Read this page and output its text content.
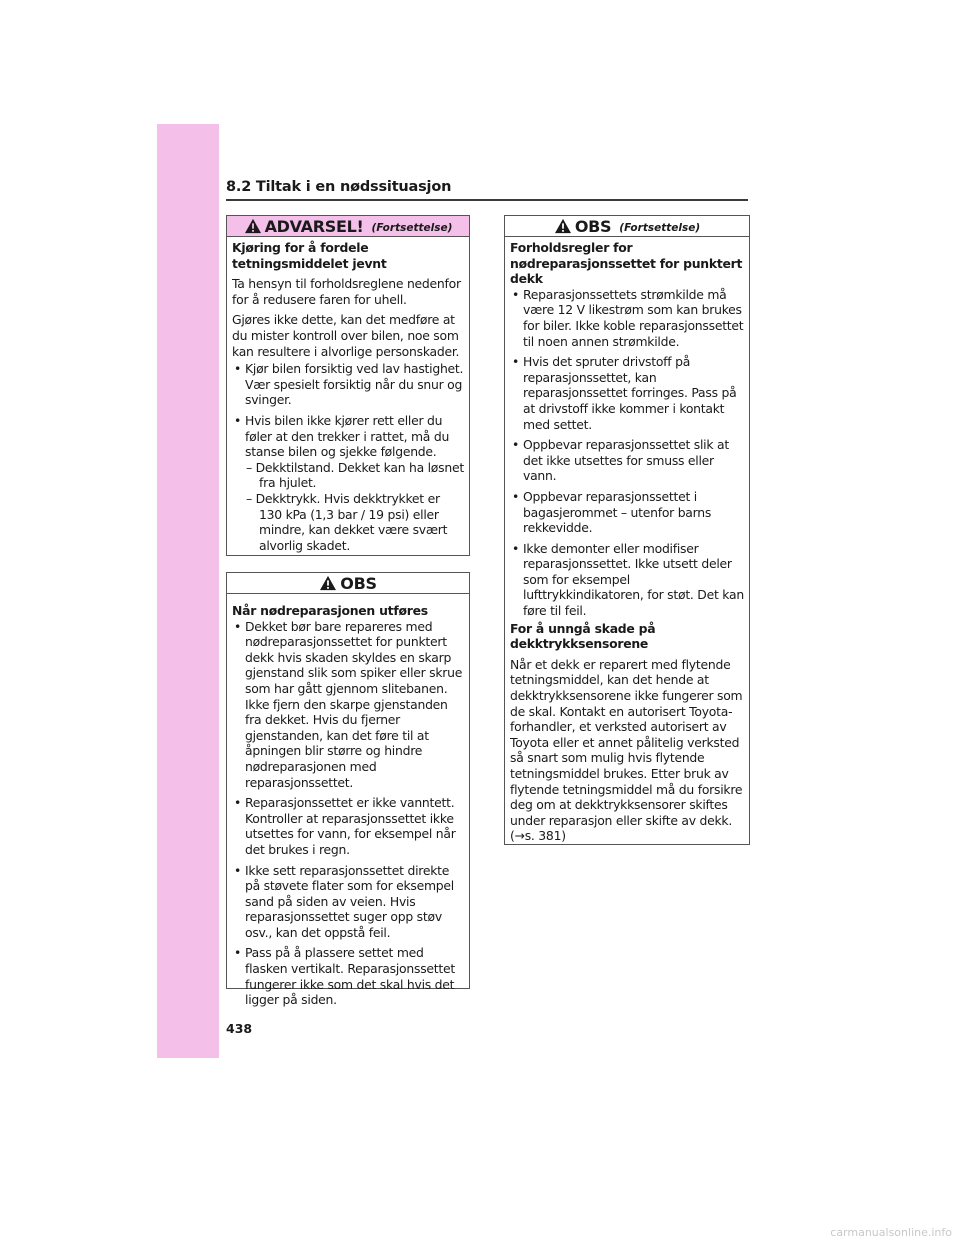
8.2 Tiltak i en nødssituasjon
ADVARSEL! (Fortsettelse)

Kjøring for å fordele tetningsmiddelet jevnt

Ta hensyn til forholdsreglene nedenfor for å redusere faren for uhell.

Gjøres ikke dette, kan det medføre at du mister kontroll over bilen, noe som kan resultere i alvorlige personskader.

• Kjør bilen forsiktig ved lav hastighet. Vær spesielt forsiktig når du snur og svinger.
• Hvis bilen ikke kjører rett eller du føler at den trekker i rattet, må du stanse bilen og sjekke følgende.
– Dekktilstand. Dekket kan ha løsnet fra hjulet.
– Dekktrykk. Hvis dekktrykket er 130 kPa (1,3 bar / 19 psi) eller mindre, kan dekket være svært alvorlig skadet.
OBS

Når nødreparasjonen utføres

• Dekket bør bare repareres med nødreparasjonssettet for punktert dekk hvis skaden skyldes en skarp gjenstand slik som spiker eller skrue som har gått gjennom slitebanen. Ikke fjern den skarpe gjenstanden fra dekket. Hvis du fjerner gjenstanden, kan det føre til at åpningen blir større og hindre nødreparasjonen med reparasjonssettet.
• Reparasjonssettet er ikke vanntett. Kontroller at reparasjonssettet ikke utsettes for vann, for eksempel når det brukes i regn.
• Ikke sett reparasjonssettet direkte på støvete flater som for eksempel sand på siden av veien. Hvis reparasjonssettet suger opp støv osv., kan det oppstå feil.
• Pass på å plassere settet med flasken vertikalt. Reparasjonssettet fungerer ikke som det skal hvis det ligger på siden.
OBS (Fortsettelse)

Forholdsregler for nødreparasjonssettet for punktert dekk

• Reparasjonssettets strømkilde må være 12 V likestrøm som kan brukes for biler. Ikke koble reparasjonssettet til noen annen strømkilde.
• Hvis det spruter drivstoff på reparasjonssettet, kan reparasjonssettet forringes. Pass på at drivstoff ikke kommer i kontakt med settet.
• Oppbevar reparasjonssettet slik at det ikke utsettes for smuss eller vann.
• Oppbevar reparasjonssettet i bagasjerommet – utenfor barns rekkevidde.
• Ikke demonter eller modifiser reparasjonssettet. Ikke utsett deler som for eksempel lufttrykkindikatoren, for støt. Det kan føre til feil.

For å unngå skade på dekktrykksensorene

Når et dekk er reparert med flytende tetningsmiddel, kan det hende at dekktrykksensorene ikke fungerer som de skal. Kontakt en autorisert Toyota-forhandler, et verksted autorisert av Toyota eller et annet pålitelig verksted så snart som mulig hvis flytende tetningsmiddel brukes. Etter bruk av flytende tetningsmiddel må du forsikre deg om at dekktrykksensorer skiftes under reparasjon eller skifte av dekk.

(→s. 381)

438
carmanualsonline.info
